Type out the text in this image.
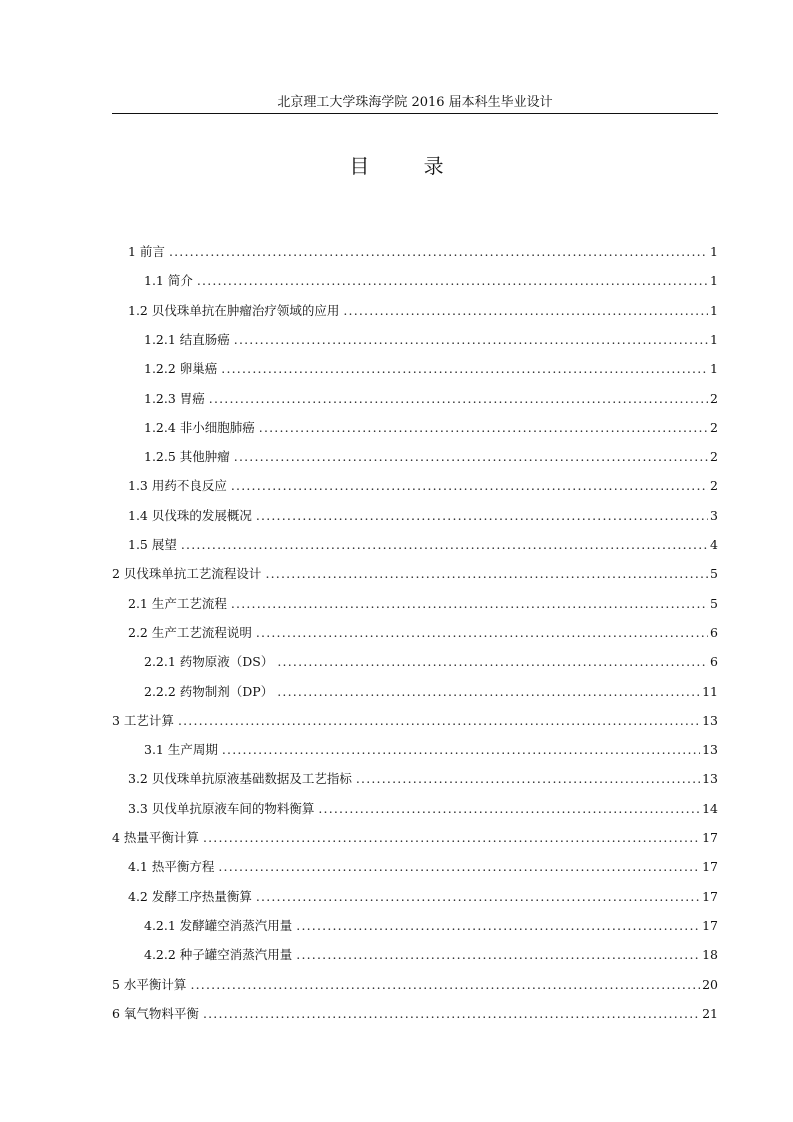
北京理工大学珠海学院 2016 届本科生毕业设计
目 录
1 前言 .....	1
1.1 简介 .....	1
1.2 贝伐珠单抗在肿瘤治疗领域的应用 .....	1
1.2.1 结直肠癌 .....	1
1.2.2 卵巢癌 .....	1
1.2.3 胃癌 .....	2
1.2.4 非小细胞肺癌 .....	2
1.2.5 其他肿瘤 .....	2
1.3 用药不良反应 .....	2
1.4 贝伐珠的发展概况 .....	3
1.5 展望 .....	4
2 贝伐珠单抗工艺流程设计 .....	5
2.1 生产工艺流程 .....	5
2.2 生产工艺流程说明 .....	6
2.2.1 药物原液（DS） .....	6
2.2.2 药物制剂（DP） .....	11
3 工艺计算 .....	13
3.1 生产周期 .....	13
3.2 贝伐珠单抗原液基础数据及工艺指标 .....	13
3.3 贝伐单抗原液车间的物料衡算 .....	14
4 热量平衡计算 .....	17
4.1 热平衡方程 .....	17
4.2 发酵工序热量衡算 .....	17
4.2.1 发酵罐空消蒸汽用量 .....	17
4.2.2 种子罐空消蒸汽用量 .....	18
5 水平衡计算 .....	20
6 氧气物料平衡 .....	21
